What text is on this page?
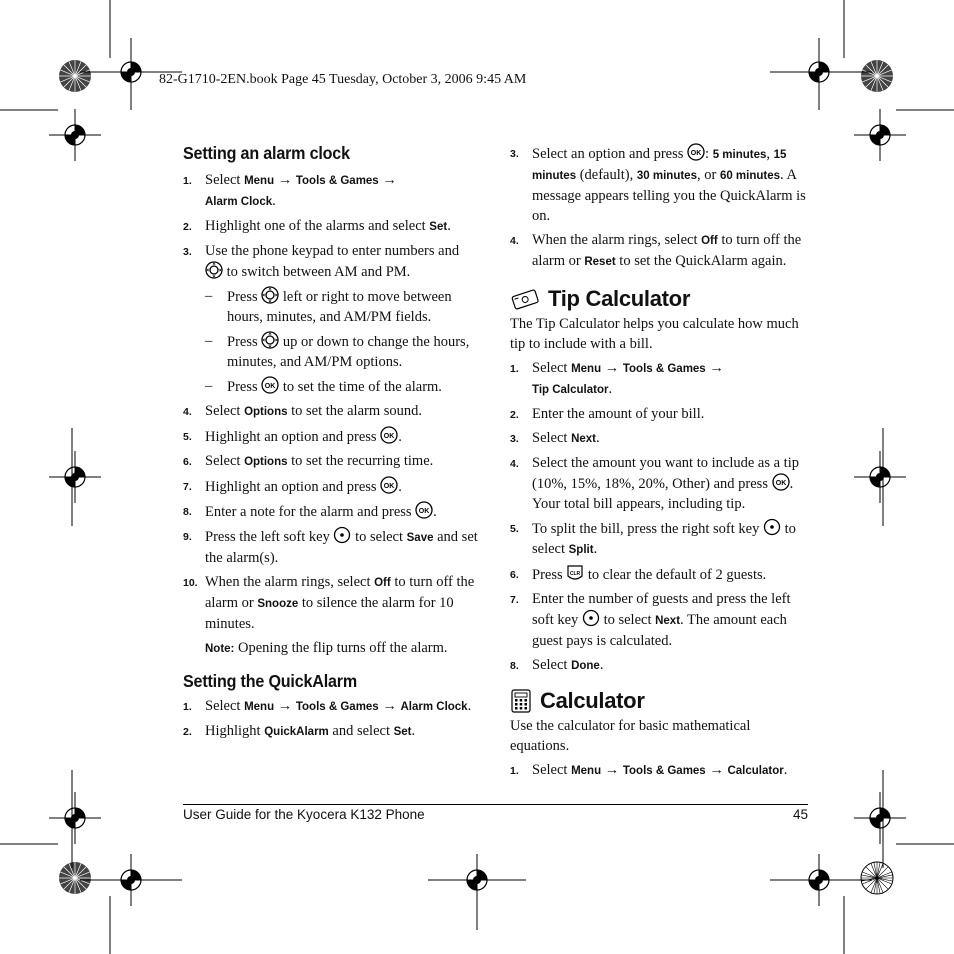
82-G1710-2EN.book Page 45 Tuesday, October 3, 2006 9:45 AM
Setting an alarm clock
1. Select Menu → Tools & Games →
Alarm Clock.
2. Highlight one of the alarms and select Set.
3. Use the phone keypad to enter numbers and
to switch between AM and PM.
– Press  left or right to move between hours, minutes, and AM/PM fields.
– Press  up or down to change the hours, minutes, and AM/PM options.
– Press OK to set the time of the alarm.
4. Select Options to set the alarm sound.
5. Highlight an option and press OK .
6. Select Options to set the recurring time.
7. Highlight an option and press OK .
8. Enter a note for the alarm and press OK .
9. Press the left soft key  to select Save and set the alarm(s).
10. When the alarm rings, select Off to turn off the alarm or Snooze to silence the alarm for 10 minutes.
Note: Opening the flip turns off the alarm.
Setting the QuickAlarm
1. Select Menu → Tools & Games → Alarm Clock.
2. Highlight QuickAlarm and select Set.
3. Select an option and press OK : 5 minutes, 15 minutes (default), 30 minutes, or 60 minutes. A message appears telling you the QuickAlarm is on.
4. When the alarm rings, select Off to turn off the alarm or Reset to set the QuickAlarm again.
Tip Calculator
The Tip Calculator helps you calculate how much tip to include with a bill.
1. Select Menu → Tools & Games →
Tip Calculator.
2. Enter the amount of your bill.
3. Select Next.
4. Select the amount you want to include as a tip (10%, 15%, 18%, 20%, Other) and press OK . Your total bill appears, including tip.
5. To split the bill, press the right soft key  to select Split.
6. Press CLR to clear the default of 2 guests.
7. Enter the number of guests and press the left soft key  to select Next. The amount each guest pays is calculated.
8. Select Done.
Calculator
Use the calculator for basic mathematical equations.
1. Select Menu → Tools & Games → Calculator.
User Guide for the Kyocera K132 Phone	45
